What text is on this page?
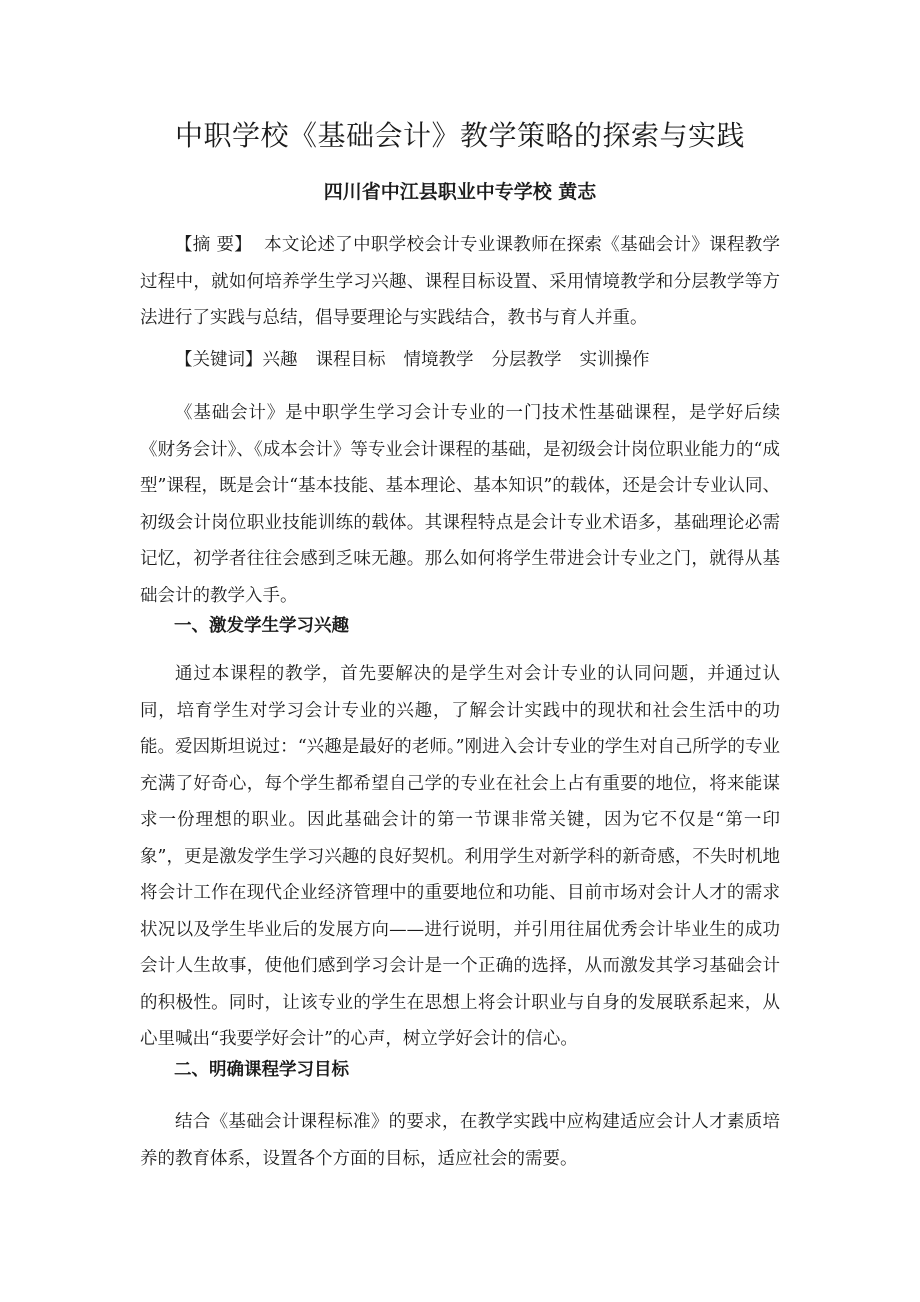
中职学校《基础会计》教学策略的探索与实践
四川省中江县职业中专学校 黄志

【摘 要】 本文论述了中职学校会计专业课教师在探索《基础会计》课程教学过程中，就如何培养学生学习兴趣、课程目标设置、采用情境教学和分层教学等方法进行了实践与总结，倡导要理论与实践结合，教书与育人并重。

【关键词】兴趣 课程目标 情境教学 分层教学 实训操作

《基础会计》是中职学生学习会计专业的一门技术性基础课程，是学好后续《财务会计》、《成本会计》等专业会计课程的基础，是初级会计岗位职业能力的“成型”课程，既是会计“基本技能、基本理论、基本知识”的载体，还是会计专业认同、初级会计岗位职业技能训练的载体。其课程特点是会计专业术语多，基础理论必需记忆，初学者往往会感到乏味无趣。那么如何将学生带进会计专业之门，就得从基础会计的教学入手。

一、激发学生学习兴趣

通过本课程的教学，首先要解决的是学生对会计专业的认同问题，并通过认同，培育学生对学习会计专业的兴趣，了解会计实践中的现状和社会生活中的功能。爱因斯坦说过：“兴趣是最好的老师。”刚进入会计专业的学生对自己所学的专业充满了好奇心，每个学生都希望自己学的专业在社会上占有重要的地位，将来能谋求一份理想的职业。因此基础会计的第一节课非常关键，因为它不仅是“第一印象”，更是激发学生学习兴趣的良好契机。利用学生对新学科的新奇感，不失时机地将会计工作在现代企业经济管理中的重要地位和功能、目前市场对会计人才的需求状况以及学生毕业后的发展方向——进行说明，并引用往届优秀会计毕业生的成功会计人生故事，使他们感到学习会计是一个正确的选择，从而激发其学习基础会计的积极性。同时，让该专业的学生在思想上将会计职业与自身的发展联系起来，从心里喊出“我要学好会计”的心声，树立学好会计的信心。

二、明确课程学习目标

结合《基础会计课程标准》的要求，在教学实践中应构建适应会计人才素质培养的教育体系，设置各个方面的目标，适应社会的需要。
